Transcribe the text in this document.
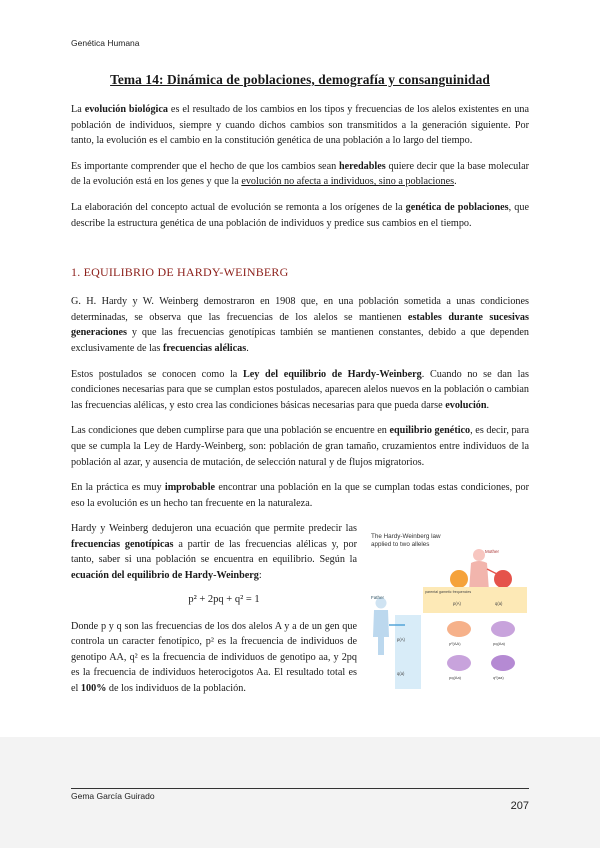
Genética Humana
Tema 14: Dinámica de poblaciones, demografía y consanguinidad

La evolución biológica es el resultado de los cambios en los tipos y frecuencias de los alelos existentes en una población de individuos, siempre y cuando dichos cambios son transmitidos a la generación siguiente. Por tanto, la evolución es el cambio en la constitución genética de una población a lo largo del tiempo.

Es importante comprender que el hecho de que los cambios sean heredables quiere decir que la base molecular de la evolución está en los genes y que la evolución no afecta a individuos, sino a poblaciones.

La elaboración del concepto actual de evolución se remonta a los orígenes de la genética de poblaciones, que describe la estructura genética de una población de individuos y predice sus cambios en el tiempo.

1. EQUILIBRIO DE HARDY-WEINBERG

G. H. Hardy y W. Weinberg demostraron en 1908 que, en una población sometida a unas condiciones determinadas, se observa que las frecuencias de los alelos se mantienen estables durante sucesivas generaciones y que las frecuencias genotípicas también se mantienen constantes, debido a que dependen exclusivamente de las frecuencias alélicas.

Estos postulados se conocen como la Ley del equilibrio de Hardy-Weinberg. Cuando no se dan las condiciones necesarias para que se cumplan estos postulados, aparecen alelos nuevos en la población o cambian las frecuencias alélicas, y esto crea las condiciones básicas necesarias para que pueda darse evolución.

Las condiciones que deben cumplirse para que una población se encuentre en equilibrio genético, es decir, para que se cumpla la Ley de Hardy-Weinberg, son: población de gran tamaño, cruzamientos entre individuos de la población al azar, y ausencia de mutación, de selección natural y de flujos migratorios.

En la práctica es muy improbable encontrar una población en la que se cumplan todas estas condiciones, por eso la evolución es un hecho tan frecuente en la naturaleza.

Hardy y Weinberg dedujeron una ecuación que permite predecir las frecuencias genotípicas a partir de las frecuencias alélicas y, por tanto, saber si una población se encuentra en equilibrio. Según la ecuación del equilibrio de Hardy-Weinberg:

p² + 2pq + q² = 1

Donde p y q son las frecuencias de los dos alelos A y a de un gen que controla un caracter fenotípico, p² es la frecuencia de individuos de genotipo AA, q² es la frecuencia de individuos de genotipo aa, y 2pq es la frecuencia de individuos heterocigotos Aa. El resultado total es el 100% de los individuos de la población.

Mother
Father
p(A)	q(a)
p(A)
q(a)
parental gametic frequencies
p²(AA)	pq(Aa)
pq(Aa)	q²(aa)
The Hardy-Weinberg law
applied to two alleles
Gema García Guirado
207
